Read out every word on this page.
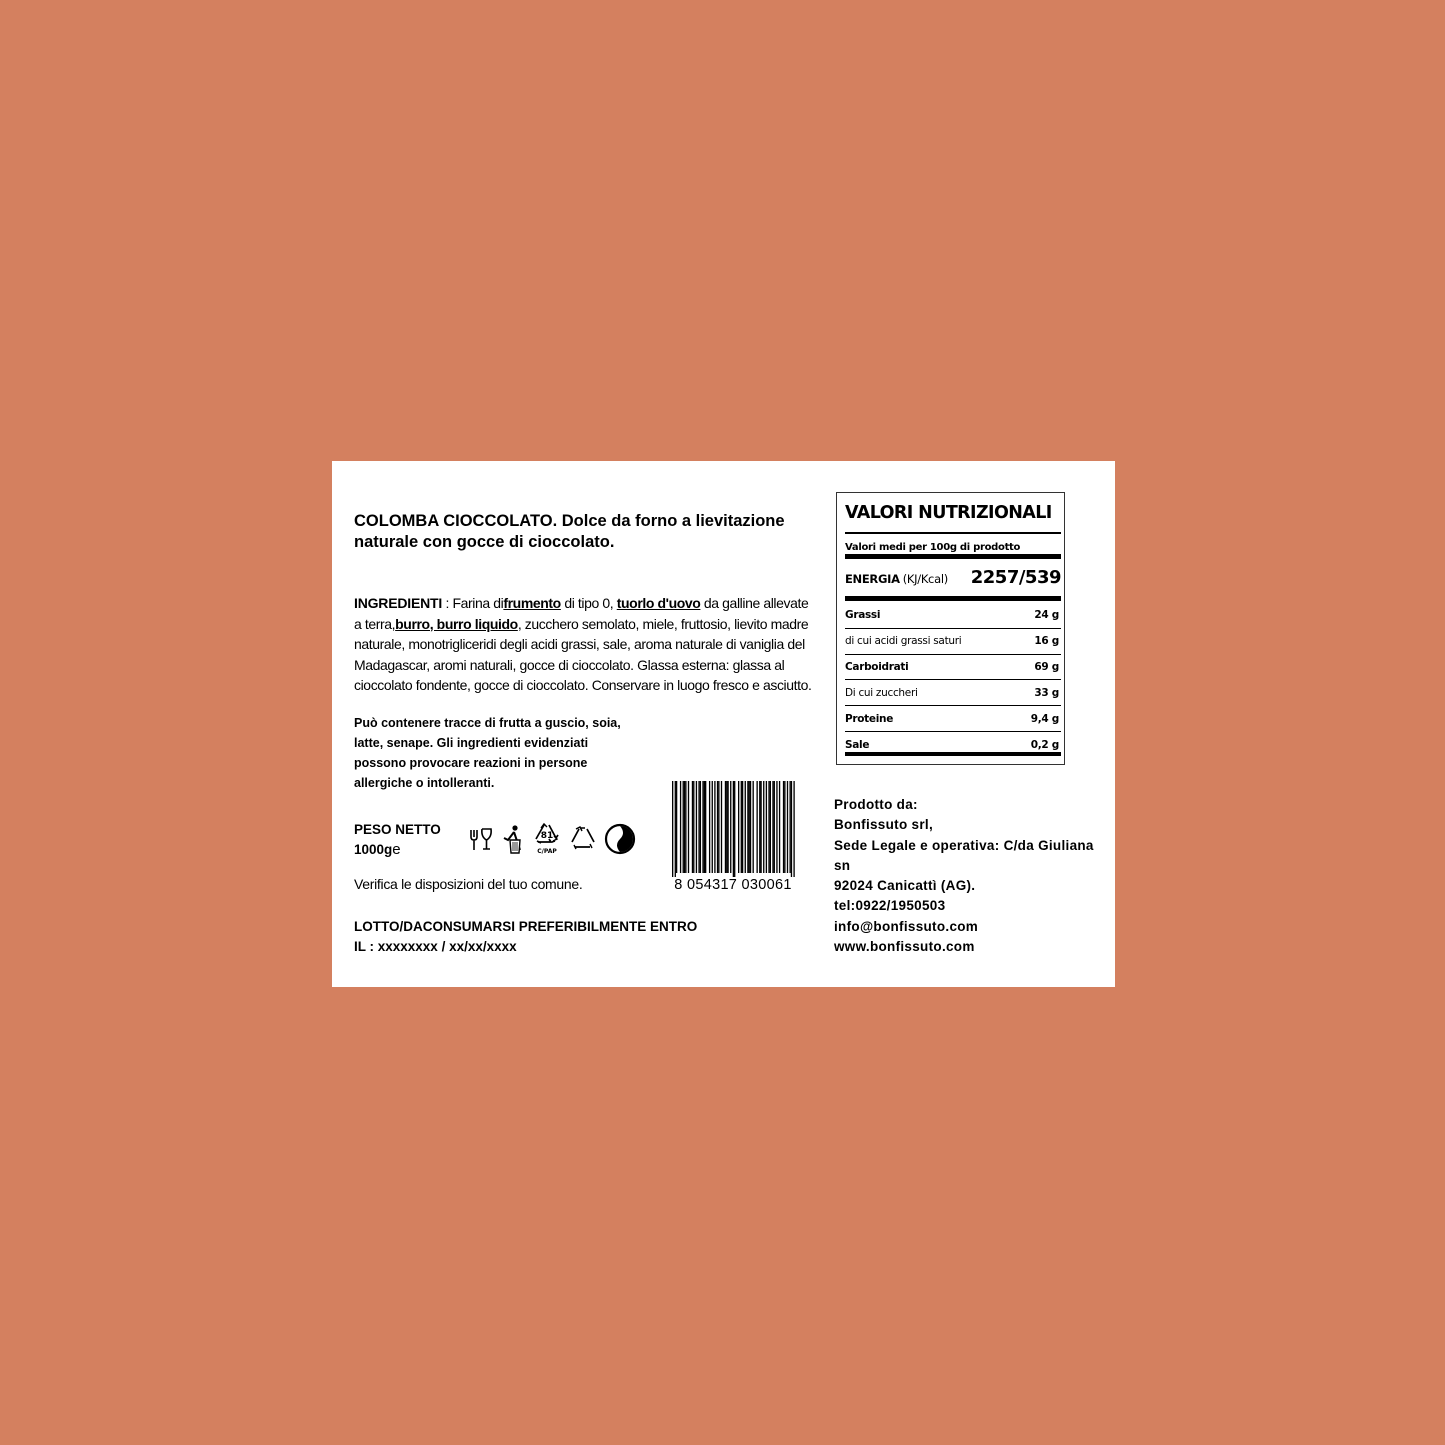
COLOMBA CIOCCOLATO. Dolce da forno a lievitazione naturale con gocce di cioccolato.
INGREDIENTI : Farina difrumento di tipo 0, tuorlo d'uovo da galline allevate a terra,burro, burro liquido, zucchero semolato, miele, fruttosio, lievito madre naturale, monotrigliceridi degli acidi grassi, sale, aroma naturale di vaniglia del Madagascar, aromi naturali, gocce di cioccolato. Glassa esterna: glassa al cioccolato fondente, gocce di cioccolato. Conservare in luogo fresco e asciutto.
Può contenere tracce di frutta a guscio, soia, latte, senapе. Gli ingredienti evidenziati possono provocare reazioni in persone allergiche o intolleranti.
PESO NETTO
1000ge
81
C/PAP
Verifica le disposizioni del tuo comune.
LOTTO/DACONSUMARSI PREFERIBILMENTE ENTRO
IL : xxxxxxxx / xx/xx/xxxx
8 054317 030061
VALORI NUTRIZIONALI
Valori medi per 100g di prodotto
ENERGIA (KJ/Kcal) 2257/539
Grassi	24 g
di cui acidi grassi saturi	16 g
Carboidrati	69 g
Di cui zuccheri	33 g
Proteine	9,4 g
Sale	0,2 g
Prodotto da:
Bonfissuto srl,
Sede Legale e operativa: C/da Giuliana sn
92024 Canicattì (AG).
tel:0922/1950503
info@bonfissuto.com
www.bonfissuto.com
